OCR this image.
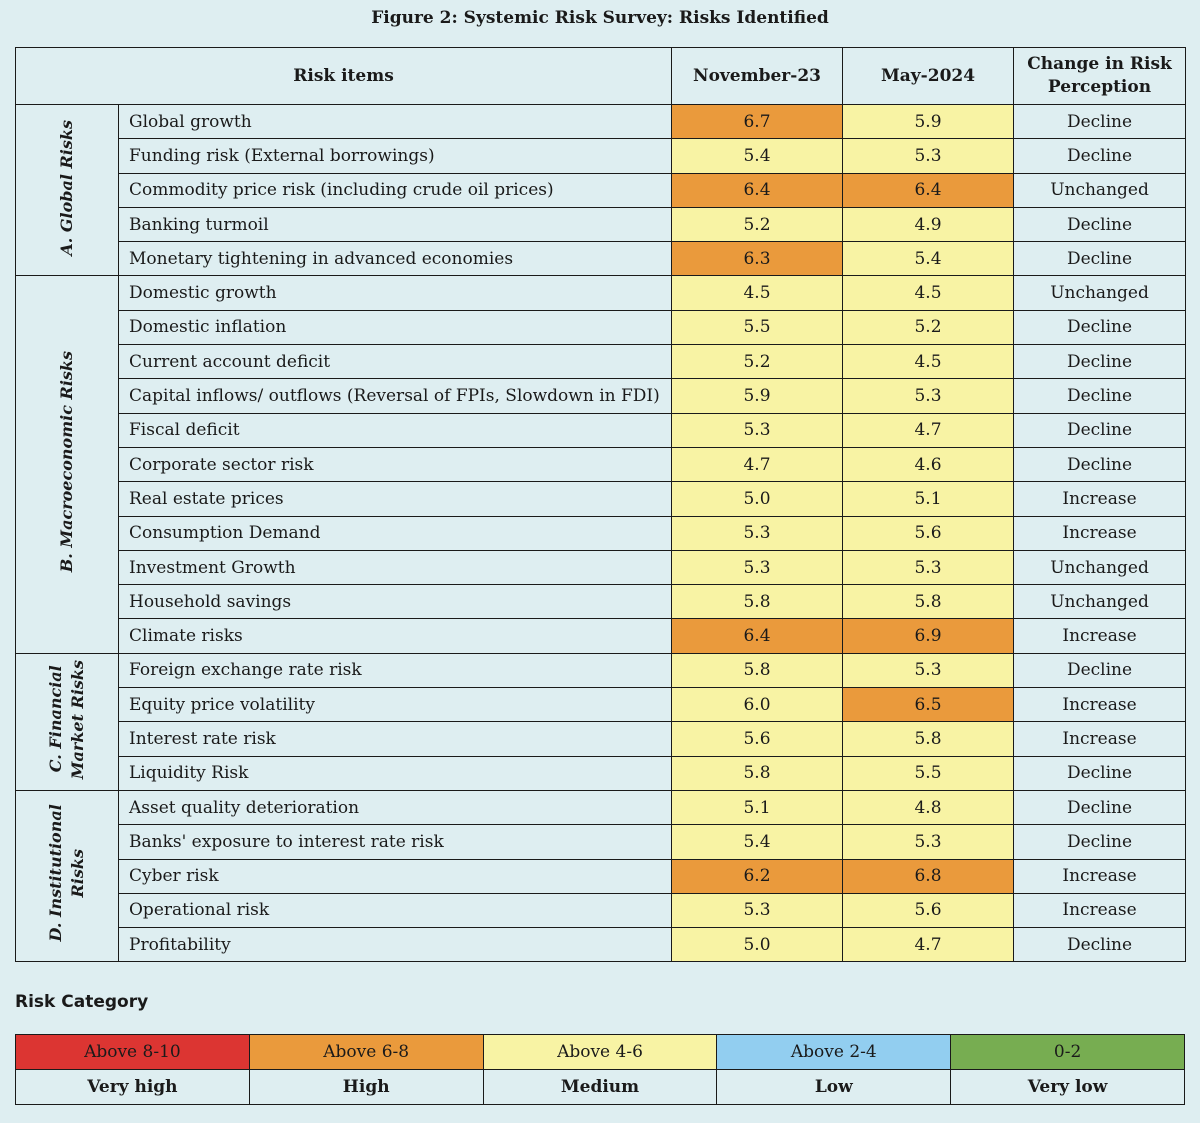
Figure 2: Systemic Risk Survey: Risks Identified
Risk items		November-23	May-2024	Change in Risk Perception
A. Global Risks	Global growth	6.7	5.9	Decline
	Funding risk (External borrowings)	5.4	5.3	Decline
	Commodity price risk (including crude oil prices)	6.4	6.4	Unchanged
	Banking turmoil	5.2	4.9	Decline
	Monetary tightening in advanced economies	6.3	5.4	Decline
B. Macroeconomic Risks	Domestic growth	4.5	4.5	Unchanged
	Domestic inflation	5.5	5.2	Decline
	Current account deficit	5.2	4.5	Decline
	Capital inflows/ outflows (Reversal of FPIs, Slowdown in FDI)	5.9	5.3	Decline
	Fiscal deficit	5.3	4.7	Decline
	Corporate sector risk	4.7	4.6	Decline
	Real estate prices	5.0	5.1	Increase
	Consumption Demand	5.3	5.6	Increase
	Investment Growth	5.3	5.3	Unchanged
	Household savings	5.8	5.8	Unchanged
	Climate risks	6.4	6.9	Increase
C. Financial Market Risks	Foreign exchange rate risk	5.8	5.3	Decline
	Equity price volatility	6.0	6.5	Increase
	Interest rate risk	5.6	5.8	Increase
	Liquidity Risk	5.8	5.5	Decline
D. Institutional Risks	Asset quality deterioration	5.1	4.8	Decline
	Banks' exposure to interest rate risk	5.4	5.3	Decline
	Cyber risk	6.2	6.8	Increase
	Operational risk	5.3	5.6	Increase
	Profitability	5.0	4.7	Decline
Risk Category
Above 8-10	Above 6-8	Above 4-6	Above 2-4	0-2
Very high	High	Medium	Low	Very low
